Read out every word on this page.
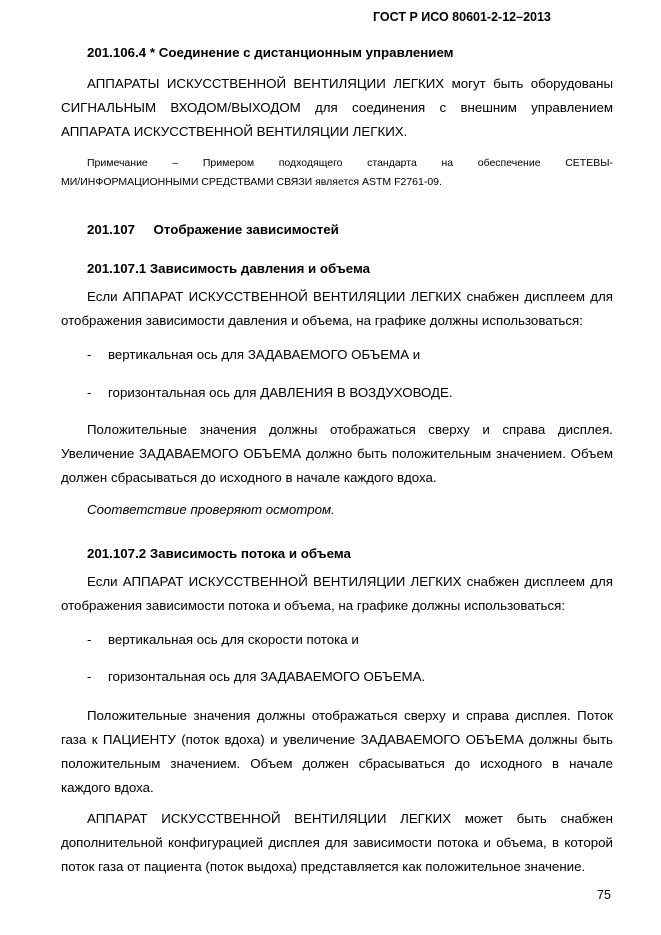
ГОСТ Р ИСО 80601-2-12–2013
201.106.4 * Соединение с дистанционным управлением
АППАРАТЫ ИСКУССТВЕННОЙ ВЕНТИЛЯЦИИ ЛЕГКИХ могут быть оборудованы
СИГНАЛЬНЫМ ВХОДОМ/ВЫХОДОМ для соединения с внешним управлением
АППАРАТА ИСКУССТВЕННОЙ ВЕНТИЛЯЦИИ ЛЕГКИХ.
Примечание – Примером подходящего стандарта на обеспечение СЕТЕВЫ-
МИ/ИНФОРМАЦИОННЫМИ СРЕДСТВАМИ СВЯЗИ является ASTM F2761-09.
201.107     Отображение зависимостей
201.107.1 Зависимость давления и объема
Если АППАРАТ ИСКУССТВЕННОЙ ВЕНТИЛЯЦИИ ЛЕГКИХ снабжен дисплеем для
отображения зависимости давления и объема, на графике должны использоваться:
- вертикальная ось для ЗАДАВАЕМОГО ОБЪЕМА и
- горизонтальная ось для ДАВЛЕНИЯ В ВОЗДУХОВОДЕ.
Положительные значения должны отображаться сверху и справа дисплея.
Увеличение ЗАДАВАЕМОГО ОБЪЕМА должно быть положительным значением. Объем
должен сбрасываться до исходного в начале каждого вдоха.
Соответствие проверяют осмотром.
201.107.2 Зависимость потока и объема
Если АППАРАТ ИСКУССТВЕННОЙ ВЕНТИЛЯЦИИ ЛЕГКИХ снабжен дисплеем для
отображения зависимости потока и объема, на графике должны использоваться:
- вертикальная ось для скорости потока и
- горизонтальная ось для ЗАДАВАЕМОГО ОБЪЕМА.
Положительные значения должны отображаться сверху и справа дисплея. Поток
газа к ПАЦИЕНТУ (поток вдоха) и увеличение ЗАДАВАЕМОГО ОБЪЕМА должны быть
положительным значением. Объем должен сбрасываться до исходного в начале
каждого вдоха.
АППАРАТ ИСКУССТВЕННОЙ ВЕНТИЛЯЦИИ ЛЕГКИХ может быть снабжен
дополнительной конфигурацией дисплея для зависимости потока и объема, в которой
поток газа от пациента (поток выдоха) представляется как положительное значение.
75
